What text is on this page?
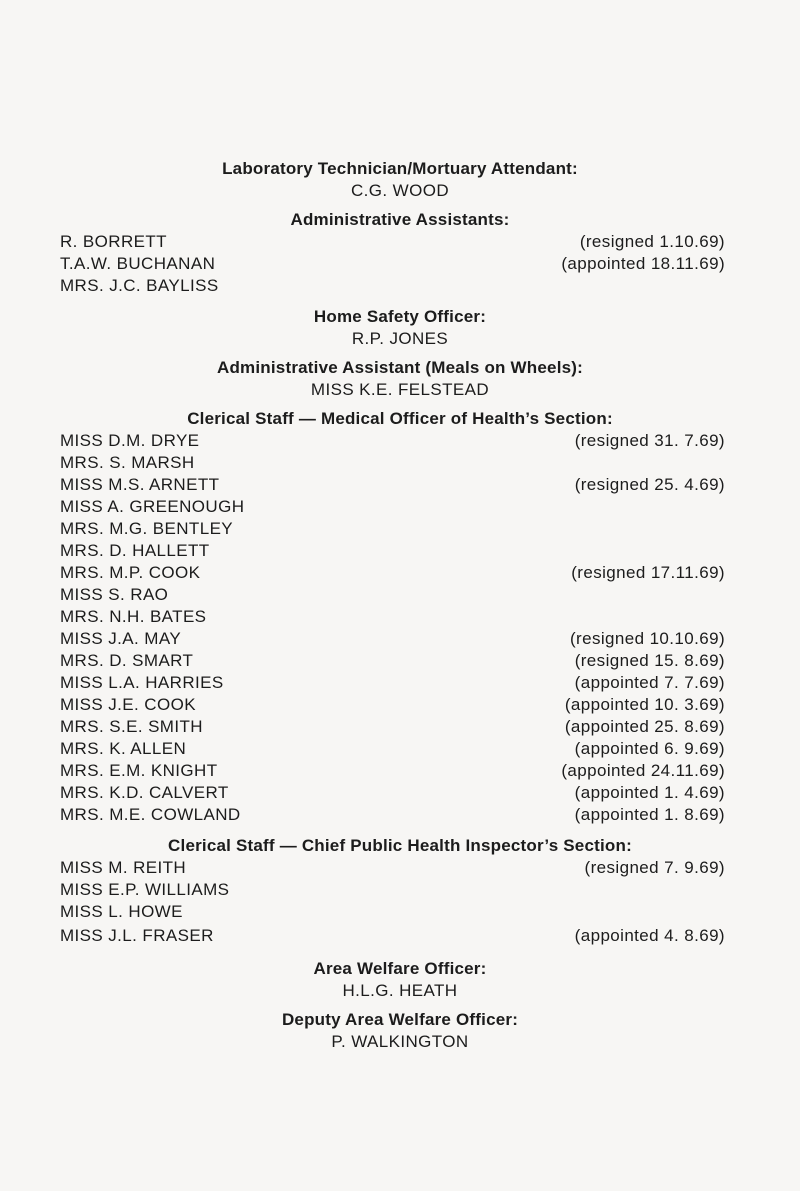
Laboratory Technician/Mortuary Attendant:
C.G. WOOD
Administrative Assistants:
R. BORRETT	(resigned 1.10.69)
T.A.W. BUCHANAN	(appointed 18.11.69)
MRS. J.C. BAYLISS
Home Safety Officer:
R.P. JONES
Administrative Assistant (Meals on Wheels):
MISS K.E. FELSTEAD
Clerical Staff — Medical Officer of Health’s Section:
MISS D.M. DRYE	(resigned 31. 7.69)
MRS. S. MARSH
MISS M.S. ARNETT	(resigned 25. 4.69)
MISS A. GREENOUGH
MRS. M.G. BENTLEY
MRS. D. HALLETT
MRS. M.P. COOK	(resigned 17.11.69)
MISS S. RAO
MRS. N.H. BATES
MISS J.A. MAY	(resigned 10.10.69)
MRS. D. SMART	(resigned 15. 8.69)
MISS L.A. HARRIES	(appointed 7. 7.69)
MISS J.E. COOK	(appointed 10. 3.69)
MRS. S.E. SMITH	(appointed 25. 8.69)
MRS. K. ALLEN	(appointed 6. 9.69)
MRS. E.M. KNIGHT	(appointed 24.11.69)
MRS. K.D. CALVERT	(appointed 1. 4.69)
MRS. M.E. COWLAND	(appointed 1. 8.69)
Clerical Staff — Chief Public Health Inspector’s Section:
MISS M. REITH	(resigned 7. 9.69)
MISS E.P. WILLIAMS
MISS L. HOWE
MISS J.L. FRASER	(appointed 4. 8.69)
Area Welfare Officer:
H.L.G. HEATH
Deputy Area Welfare Officer:
P. WALKINGTON
